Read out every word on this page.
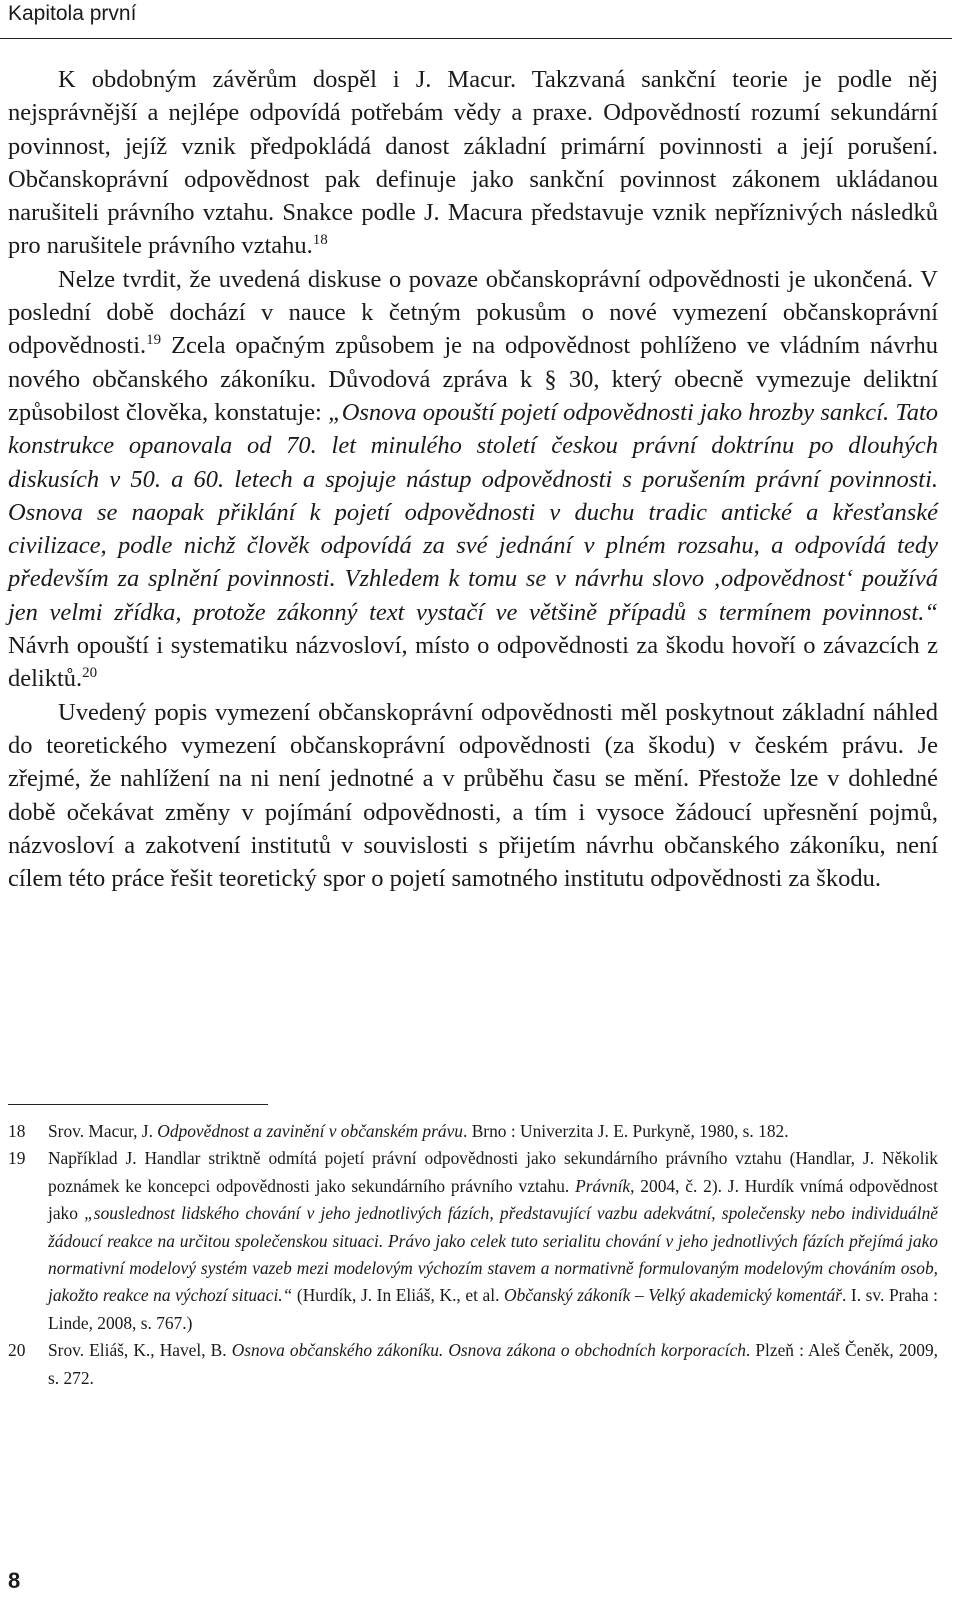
Kapitola první

K obdobným závěrům dospěl i J. Macur. Takzvaná sankční teorie je podle něj nejsprávnější a nejlépe odpovídá potřebám vědy a praxe. Odpovědností rozumí sekundární povinnost, jejíž vznik předpokládá danost základní primární povinnosti a její porušení. Občanskoprávní odpovědnost pak definuje jako sankční povinnost zákonem ukládanou narušiteli právního vztahu. Snakce podle J. Macura představuje vznik nepříznivých následků pro narušitele právního vztahu.$^{18}$

Nelze tvrdit, že uvedená diskuse o povaze občanskoprávní odpovědnosti je ukončená. V poslední době dochází v nauce k četným pokusům o nové vymezení občanskoprávní odpovědnosti.$^{19}$ Zcela opačným způsobem je na odpovědnost pohlíženo ve vládním návrhu nového občanského zákoníku. Důvodová zpráva k § 30, který obecně vymezuje deliktní způsobilost člověka, konstatuje: „Osnova opouští pojetí odpovědnosti jako hrozby sankcí. Tato konstrukce opanovala od 70. let minulého století českou právní doktrínu po dlouhých diskusích v 50. a 60. letech a spojuje nástup odpovědnosti s porušením právní povinnosti. Osnova se naopak přiklání k pojetí odpovědnosti v duchu tradic antické a křesťanské civilizace, podle nichž člověk odpovídá za své jednání v plném rozsahu, a odpovídá tedy především za splnění povinnosti. Vzhledem k tomu se v návrhu slovo ‚odpovědnost‘ používá jen velmi zřídka, protože zákonný text vystačí ve většině případů s termínem povinnost.“ Návrh opouští i systematiku názvosloví, místo o odpovědnosti za škodu hovoří o závazcích z deliktů.$^{20}$

Uvedený popis vymezení občanskoprávní odpovědnosti měl poskytnout základní náhled do teoretického vymezení občanskoprávní odpovědnosti (za škodu) v českém právu. Je zřejmé, že nahlížení na ni není jednotné a v průběhu času se mění. Přestože lze v dohledné době očekávat změny v pojímání odpovědnosti, a tím i vysoce žádoucí upřesnění pojmů, názvosloví a zakotvení institutů v souvislosti s přijetím návrhu občanského zákoníku, není cílem této práce řešit teoretický spor o pojetí samotného institutu odpovědnosti za škodu.

18 Srov. Macur, J. Odpovědnost a zavinění v občanském právu. Brno : Univerzita J. E. Purkyně, 1980, s. 182.

19 Například J. Handlar striktně odmítá pojetí právní odpovědnosti jako sekundárního právního vztahu (Handlar, J. Několik poznámek ke koncepci odpovědnosti jako sekundárního právního vztahu. Právník, 2004, č. 2). J. Hurdík vnímá odpovědnost jako „souslednost lidského chování v jeho jednotlivých fázích, představující vazbu adekvátní, společensky nebo individuálně žádoucí reakce na určitou společenskou situaci. Právo jako celek tuto serialitu chování v jeho jednotlivých fázích přejímá jako normativní modelový systém vazeb mezi modelovým výchozím stavem a normativně formulovaným modelovým chováním osob, jakožto reakce na výchozí situaci.“ (Hurdík, J. In Eliáš, K., et al. Občanský zákoník – Velký akademický komentář. I. sv. Praha : Linde, 2008, s. 767.)

20 Srov. Eliáš, K., Havel, B. Osnova občanského zákoníku. Osnova zákona o obchodních korporacích. Plzeň : Aleš Čeněk, 2009, s. 272.

8
